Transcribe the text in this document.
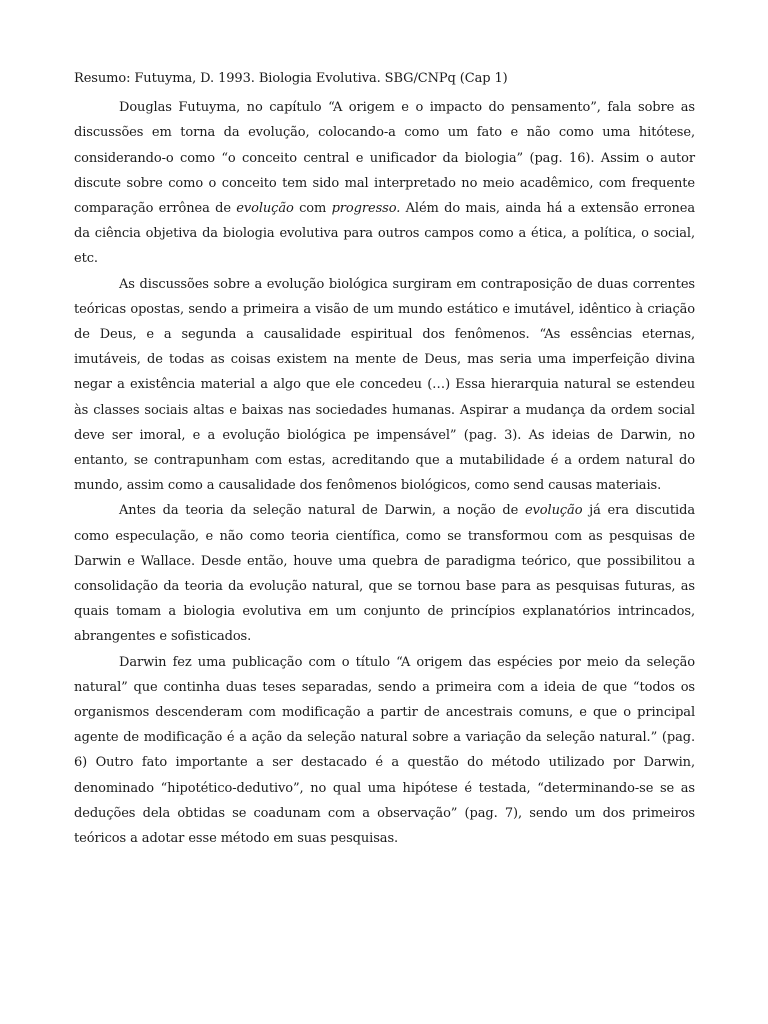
Resumo: Futuyma, D. 1993. Biologia Evolutiva. SBG/CNPq (Cap 1)

Douglas Futuyma, no capítulo “A origem e o impacto do pensamento”, fala sobre as discussões em torna da evolução, colocando-a como um fato e não como uma hitótese, considerando-o como “o conceito central e unificador da biologia” (pag. 16). Assim o autor discute sobre como o conceito tem sido mal interpretado no meio acadêmico, com frequente comparação errônea de evolução com progresso. Além do mais, ainda há a extensão erronea da ciência objetiva da biologia evolutiva para outros campos como a ética, a política, o social, etc.

As discussões sobre a evolução biológica surgiram em contraposição de duas correntes teóricas opostas, sendo a primeira a visão de um mundo estático e imutável, idêntico à criação de Deus, e a segunda a causalidade espiritual dos fenômenos. “As essências eternas, imutáveis, de todas as coisas existem na mente de Deus, mas seria uma imperfeição divina negar a existência material a algo que ele concedeu (…) Essa hierarquia natural se estendeu às classes sociais altas e baixas nas sociedades humanas. Aspirar a mudança da ordem social deve ser imoral, e a evolução biológica pe impensável” (pag. 3). As ideias de Darwin, no entanto, se contrapunham com estas, acreditando que a mutabilidade é a ordem natural do mundo, assim como a causalidade dos fenômenos biológicos, como send causas materiais.

Antes da teoria da seleção natural de Darwin, a noção de evolução já era discutida como especulação, e não como teoria científica, como se transformou com as pesquisas de Darwin e Wallace. Desde então, houve uma quebra de paradigma teórico, que possibilitou a consolidação da teoria da evolução natural, que se tornou base para as pesquisas futuras, as quais tomam a biologia evolutiva em um conjunto de princípios explanatórios intrincados, abrangentes e sofisticados.

Darwin fez uma publicação com o título “A origem das espécies por meio da seleção natural” que continha duas teses separadas, sendo a primeira com a ideia de que “todos os organismos descenderam com modificação a partir de ancestrais comuns, e que o principal agente de modificação é a ação da seleção natural sobre a variação da seleção natural.” (pag. 6) Outro fato importante a ser destacado é a questão do método utilizado por Darwin, denominado “hipotético-dedutivo”, no qual uma hipótese é testada, “determinando-se se as deduções dela obtidas se coadunam com a observação” (pag. 7), sendo um dos primeiros teóricos a adotar esse método em suas pesquisas.
